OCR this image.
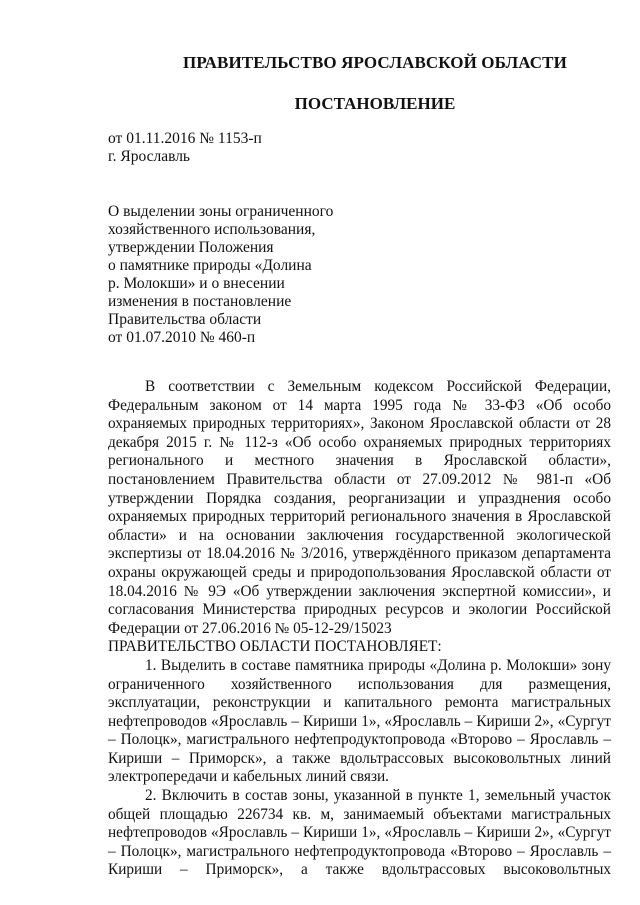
ПРАВИТЕЛЬСТВО ЯРОСЛАВСКОЙ ОБЛАСТИ
ПОСТАНОВЛЕНИЕ
от 01.11.2016 № 1153-п
г. Ярославль
О выделении зоны ограниченного
хозяйственного использования,
утверждении Положения
о памятнике природы «Долина
р. Молокши» и о внесении
изменения в постановление
Правительства области
от 01.07.2010 № 460-п

В соответствии с Земельным кодексом Российской Федерации, Федеральным законом от 14 марта 1995 года № 33-ФЗ «Об особо охраняемых природных территориях», Законом Ярославской области от 28 декабря 2015 г. № 112-з «Об особо охраняемых природных территориях регионального и местного значения в Ярославской области», постановлением Правительства области от 27.09.2012 № 981-п «Об утверждении Порядка создания, реорганизации и упразднения особо охраняемых природных территорий регионального значения в Ярославской области» и на основании заключения государственной экологической экспертизы от 18.04.2016 № 3/2016, утверждённого приказом департамента охраны окружающей среды и природопользования Ярославской области от 18.04.2016 № 9Э «Об утверждении заключения экспертной комиссии», и согласования Министерства природных ресурсов и экологии Российской Федерации от 27.06.2016 № 05-12-29/15023

ПРАВИТЕЛЬСТВО ОБЛАСТИ ПОСТАНОВЛЯЕТ:

1. Выделить в составе памятника природы «Долина р. Молокши» зону ограниченного хозяйственного использования для размещения, эксплуатации, реконструкции и капитального ремонта магистральных нефтепроводов «Ярославль – Кириши 1», «Ярославль – Кириши 2», «Сургут – Полоцк», магистрального нефтепродуктопровода «Второво – Ярославль – Кириши – Приморск», а также вдольтрассовых высоковольтных линий электропередачи и кабельных линий связи.

2. Включить в состав зоны, указанной в пункте 1, земельный участок общей площадью 226734 кв. м, занимаемый объектами магистральных нефтепроводов «Ярославль – Кириши 1», «Ярославль – Кириши 2», «Сургут – Полоцк», магистрального нефтепродуктопровода «Второво – Ярославль – Кириши – Приморск», а также вдольтрассовых высоковольтных
